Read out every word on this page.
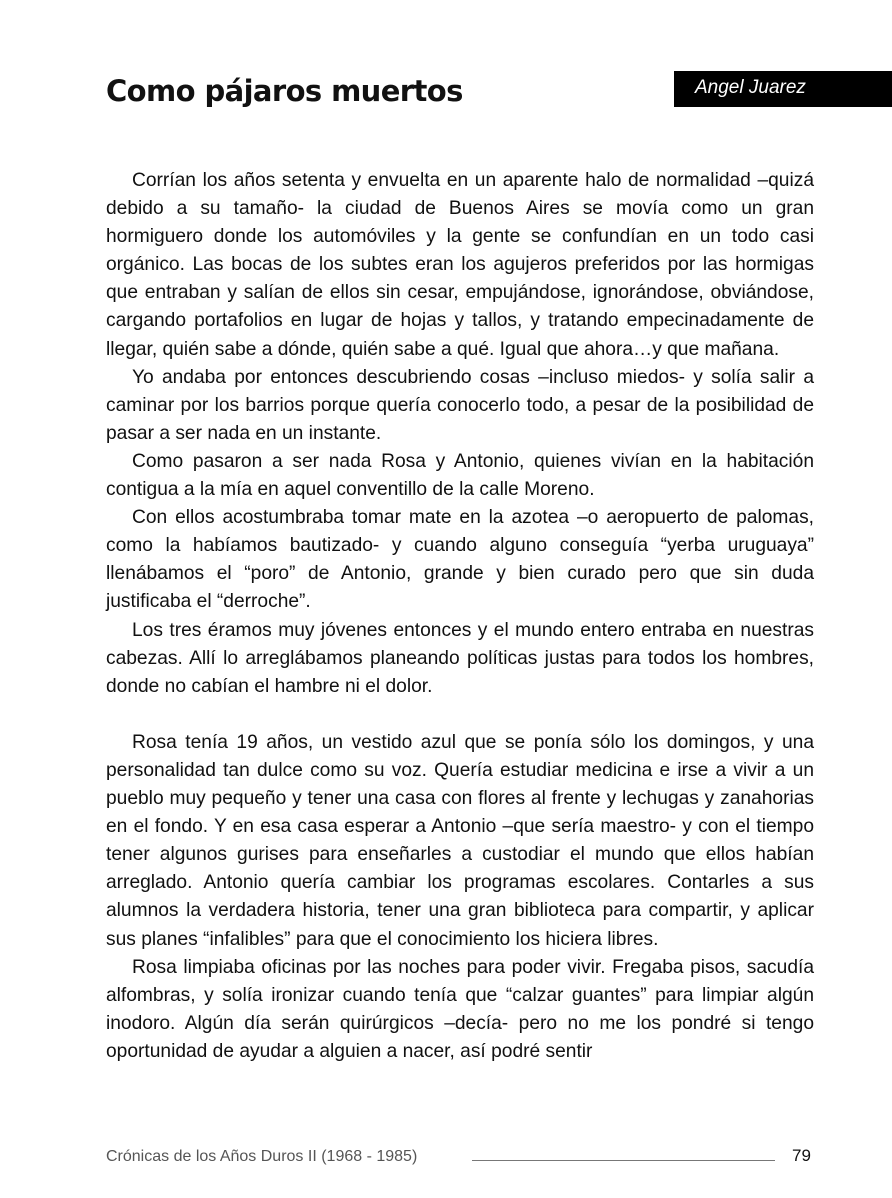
Como pájaros muertos	Angel Juarez

Corrían los años setenta y envuelta en un aparente halo de normalidad –quizá debido a su tamaño- la ciudad de Buenos Aires se movía como un gran hormiguero donde los automóviles y la gente se confundían en un todo casi orgánico. Las bocas de los subtes eran los agujeros preferidos por las hormigas que entraban y salían de ellos sin cesar, empujándose, ignorándose, obviándose, cargando portafolios en lugar de hojas y tallos, y tratando empecinadamente de llegar, quién sabe a dónde, quién sabe a qué. Igual que ahora…y que mañana.

Yo andaba por entonces descubriendo cosas –incluso miedos- y solía salir a caminar por los barrios porque quería conocerlo todo, a pesar de la posibilidad de pasar a ser nada en un instante.

Como pasaron a ser nada Rosa y Antonio, quienes vivían en la habitación contigua a la mía en aquel conventillo de la calle Moreno.

Con ellos acostumbraba tomar mate en la azotea –o aeropuerto de palomas, como la habíamos bautizado- y cuando alguno conseguía “yerba uruguaya” llenábamos el “poro” de Antonio, grande y bien curado pero que sin duda justificaba el “derroche”.

Los tres éramos muy jóvenes entonces y el mundo entero entraba en nuestras cabezas. Allí lo arreglábamos planeando políticas justas para todos los hombres, donde no cabían el hambre ni el dolor.

Rosa tenía 19 años, un vestido azul que se ponía sólo los domingos, y una personalidad tan dulce como su voz. Quería estudiar medicina e irse a vivir a un pueblo muy pequeño y tener una casa con flores al frente y lechugas y zanahorias en el fondo. Y en esa casa esperar a Antonio –que sería maestro- y con el tiempo tener algunos gurises para enseñarles a custodiar el mundo que ellos habían arreglado. Antonio quería cambiar los programas escolares. Contarles a sus alumnos la verdadera historia, tener una gran biblioteca para compartir, y aplicar sus planes “infalibles” para que el conocimiento los hiciera libres.

Rosa limpiaba oficinas por las noches para poder vivir. Fregaba pisos, sacudía alfombras, y solía ironizar cuando tenía que “calzar guantes” para limpiar algún inodoro. Algún día serán quirúrgicos –decía- pero no me los pondré si tengo oportunidad de ayudar a alguien a nacer, así podré sentir

Crónicas de los Años Duros II (1968 - 1985)	79
